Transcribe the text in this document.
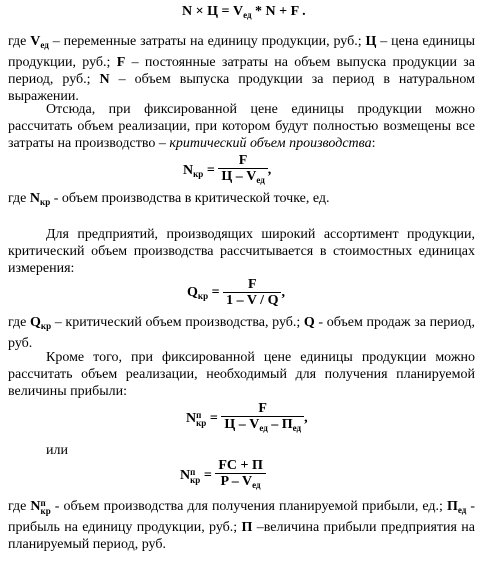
$N \times Ц = V_{ед} * N + F$ .
где $V_{ед}$ – переменные затраты на единицу продукции, руб.; Ц – цена единицы продукции, руб.; F – постоянные затраты на объем выпуска продукции за период, руб.; N – объем выпуска продукции за период в натуральном выражении.
Отсюда, при фиксированной цене единицы продукции можно рассчитать объем реализации, при котором будут полностью возмещены все затраты на производство – критический объем производства:
$N_{кр}$ =
F
Ц – $V_{ед}$
,
где $N_{кр}$ - объем производства в критической точке, ед.
Для предприятий, производящих широкий ассортимент продукции, критический объем производства рассчитывается в стоимостных единицах измерения:
$Q_{кр} = \frac{F}{1 - V / Q}$ ,
где $Q_{кр}$ – критический объем производства, руб.; Q - объем продаж за период, руб.
Кроме того, при фиксированной цене единицы продукции можно рассчитать объем реализации, необходимый для получения планируемой величины прибыли:
N п
кр =
F
Ц – $V_{ед} - П_{ед}$
,
или
N п
кр =
FC + П
P – $V_{ед}$
где N п
кр - объем производства для получения планируемой прибыли, ед.; $П_{ед}$ - прибыль на единицу продукции, руб.; П –величина прибыли предприятия на планируемый период, руб.
